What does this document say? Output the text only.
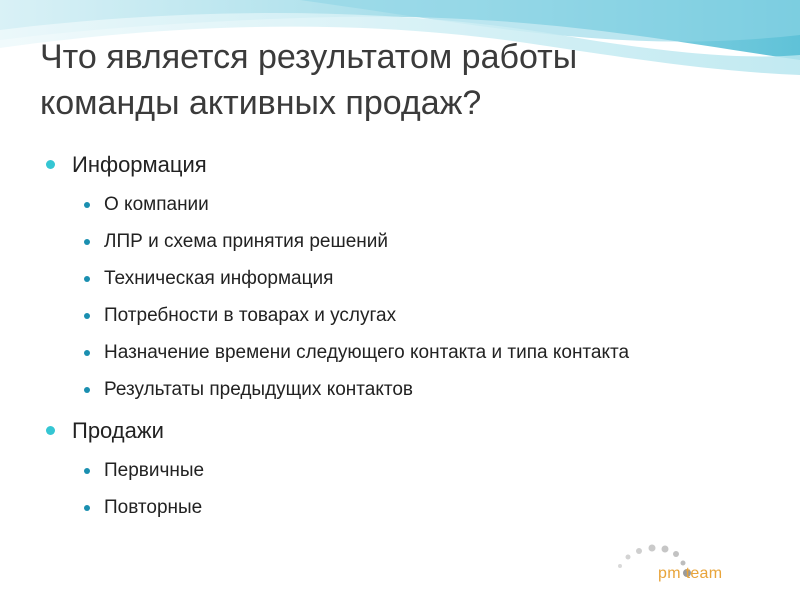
Что является результатом работы
команды активных продаж?
Информация
О компании
ЛПР и схема принятия решений
Техническая информация
Потребности в товарах и услугах
Назначение времени следующего контакта и типа контакта
Результаты предыдущих контактов
Продажи
Первичные
Повторные
pm team
